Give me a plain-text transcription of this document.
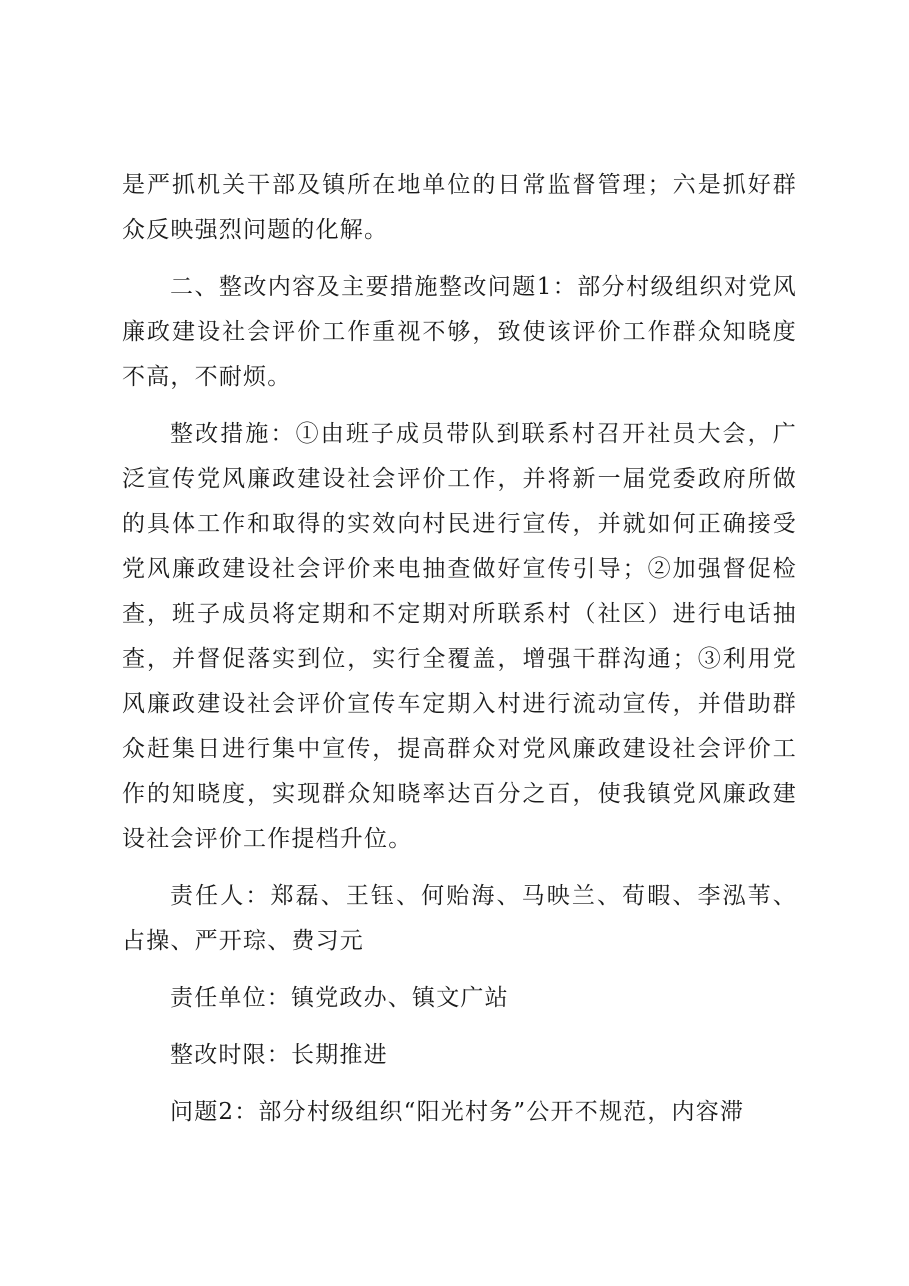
是严抓机关干部及镇所在地单位的日常监督管理；六是抓好群众反映强烈问题的化解。

二、整改内容及主要措施整改问题1：部分村级组织对党风廉政建设社会评价工作重视不够，致使该评价工作群众知晓度不高，不耐烦。

整改措施：①由班子成员带队到联系村召开社员大会，广泛宣传党风廉政建设社会评价工作，并将新一届党委政府所做的具体工作和取得的实效向村民进行宣传，并就如何正确接受党风廉政建设社会评价来电抽查做好宣传引导；②加强督促检查，班子成员将定期和不定期对所联系村（社区）进行电话抽查，并督促落实到位，实行全覆盖，增强干群沟通；③利用党风廉政建设社会评价宣传车定期入村进行流动宣传，并借助群众赶集日进行集中宣传，提高群众对党风廉政建设社会评价工作的知晓度，实现群众知晓率达百分之百，使我镇党风廉政建设社会评价工作提档升位。

责任人：郑磊、王钰、何贻海、马映兰、荀暇、李泓苇、占操、严开琮、费习元

责任单位：镇党政办、镇文广站

整改时限：长期推进

问题2：部分村级组织“阳光村务”公开不规范，内容滞
